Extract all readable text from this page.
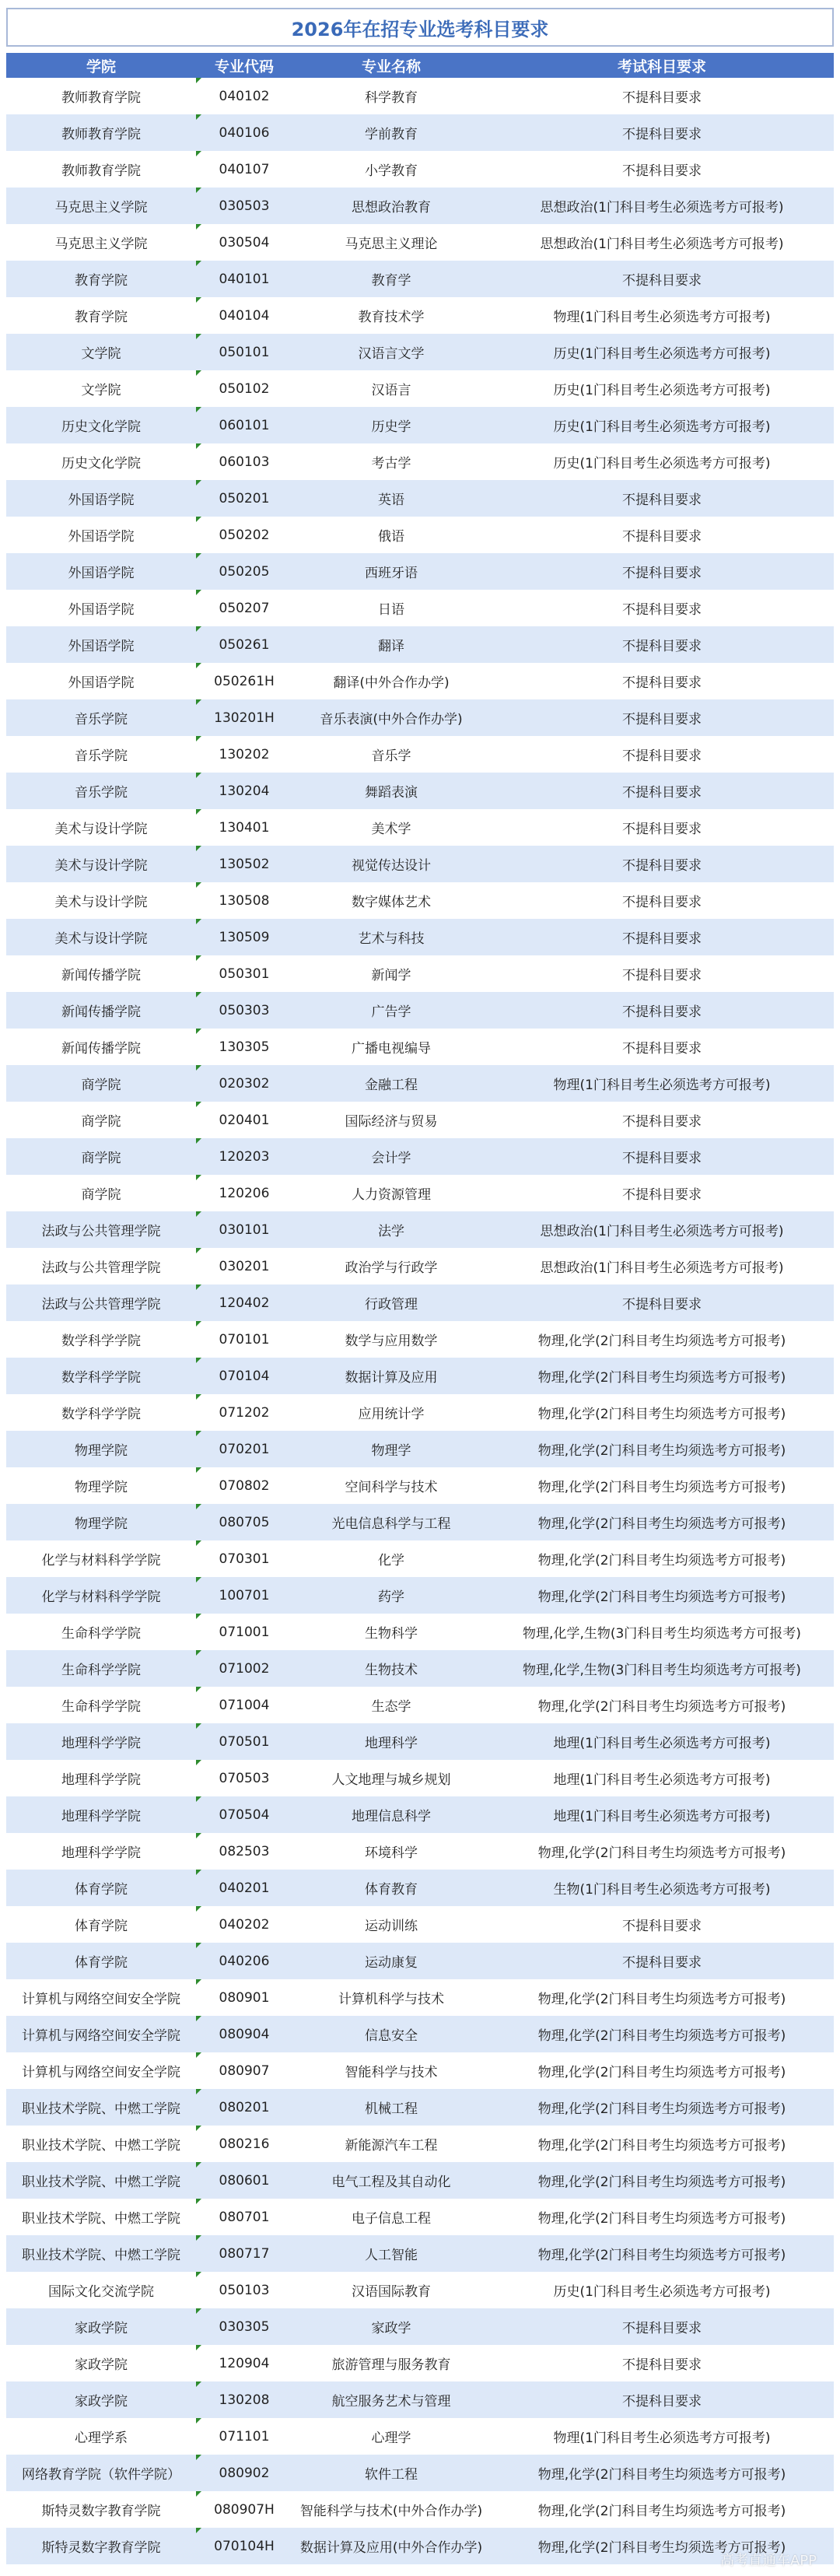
2026年在招专业选考科目要求
学院	专业代码	专业名称	考试科目要求
教师教育学院	040102	科学教育	不提科目要求
教师教育学院	040106	学前教育	不提科目要求
教师教育学院	040107	小学教育	不提科目要求
马克思主义学院	030503	思想政治教育	思想政治(1门科目考生必须选考方可报考)
马克思主义学院	030504	马克思主义理论	思想政治(1门科目考生必须选考方可报考)
教育学院	040101	教育学	不提科目要求
教育学院	040104	教育技术学	物理(1门科目考生必须选考方可报考)
文学院	050101	汉语言文学	历史(1门科目考生必须选考方可报考)
文学院	050102	汉语言	历史(1门科目考生必须选考方可报考)
历史文化学院	060101	历史学	历史(1门科目考生必须选考方可报考)
历史文化学院	060103	考古学	历史(1门科目考生必须选考方可报考)
外国语学院	050201	英语	不提科目要求
外国语学院	050202	俄语	不提科目要求
外国语学院	050205	西班牙语	不提科目要求
外国语学院	050207	日语	不提科目要求
外国语学院	050261	翻译	不提科目要求
外国语学院	050261H	翻译(中外合作办学)	不提科目要求
音乐学院	130201H	音乐表演(中外合作办学)	不提科目要求
音乐学院	130202	音乐学	不提科目要求
音乐学院	130204	舞蹈表演	不提科目要求
美术与设计学院	130401	美术学	不提科目要求
美术与设计学院	130502	视觉传达设计	不提科目要求
美术与设计学院	130508	数字媒体艺术	不提科目要求
美术与设计学院	130509	艺术与科技	不提科目要求
新闻传播学院	050301	新闻学	不提科目要求
新闻传播学院	050303	广告学	不提科目要求
新闻传播学院	130305	广播电视编导	不提科目要求
商学院	020302	金融工程	物理(1门科目考生必须选考方可报考)
商学院	020401	国际经济与贸易	不提科目要求
商学院	120203	会计学	不提科目要求
商学院	120206	人力资源管理	不提科目要求
法政与公共管理学院	030101	法学	思想政治(1门科目考生必须选考方可报考)
法政与公共管理学院	030201	政治学与行政学	思想政治(1门科目考生必须选考方可报考)
法政与公共管理学院	120402	行政管理	不提科目要求
数学科学学院	070101	数学与应用数学	物理,化学(2门科目考生均须选考方可报考)
数学科学学院	070104	数据计算及应用	物理,化学(2门科目考生均须选考方可报考)
数学科学学院	071202	应用统计学	物理,化学(2门科目考生均须选考方可报考)
物理学院	070201	物理学	物理,化学(2门科目考生均须选考方可报考)
物理学院	070802	空间科学与技术	物理,化学(2门科目考生均须选考方可报考)
物理学院	080705	光电信息科学与工程	物理,化学(2门科目考生均须选考方可报考)
化学与材料科学学院	070301	化学	物理,化学(2门科目考生均须选考方可报考)
化学与材料科学学院	100701	药学	物理,化学(2门科目考生均须选考方可报考)
生命科学学院	071001	生物科学	物理,化学,生物(3门科目考生均须选考方可报考)
生命科学学院	071002	生物技术	物理,化学,生物(3门科目考生均须选考方可报考)
生命科学学院	071004	生态学	物理,化学(2门科目考生均须选考方可报考)
地理科学学院	070501	地理科学	地理(1门科目考生必须选考方可报考)
地理科学学院	070503	人文地理与城乡规划	地理(1门科目考生必须选考方可报考)
地理科学学院	070504	地理信息科学	地理(1门科目考生必须选考方可报考)
地理科学学院	082503	环境科学	物理,化学(2门科目考生均须选考方可报考)
体育学院	040201	体育教育	生物(1门科目考生必须选考方可报考)
体育学院	040202	运动训练	不提科目要求
体育学院	040206	运动康复	不提科目要求
计算机与网络空间安全学院	080901	计算机科学与技术	物理,化学(2门科目考生均须选考方可报考)
计算机与网络空间安全学院	080904	信息安全	物理,化学(2门科目考生均须选考方可报考)
计算机与网络空间安全学院	080907	智能科学与技术	物理,化学(2门科目考生均须选考方可报考)
职业技术学院、中燃工学院	080201	机械工程	物理,化学(2门科目考生均须选考方可报考)
职业技术学院、中燃工学院	080216	新能源汽车工程	物理,化学(2门科目考生均须选考方可报考)
职业技术学院、中燃工学院	080601	电气工程及其自动化	物理,化学(2门科目考生均须选考方可报考)
职业技术学院、中燃工学院	080701	电子信息工程	物理,化学(2门科目考生均须选考方可报考)
职业技术学院、中燃工学院	080717	人工智能	物理,化学(2门科目考生均须选考方可报考)
国际文化交流学院	050103	汉语国际教育	历史(1门科目考生必须选考方可报考)
家政学院	030305	家政学	不提科目要求
家政学院	120904	旅游管理与服务教育	不提科目要求
家政学院	130208	航空服务艺术与管理	不提科目要求
心理学系	071101	心理学	物理(1门科目考生必须选考方可报考)
网络教育学院（软件学院）	080902	软件工程	物理,化学(2门科目考生均须选考方可报考)
斯特灵数字教育学院	080907H 智能科学与技术(中外合作办学)	物理,化学(2门科目考生均须选考方可报考)
斯特灵数字教育学院	070104H 数据计算及应用(中外合作办学)	物理,化学(2门科目考生均须选考方可报考)
高考直通车APP
